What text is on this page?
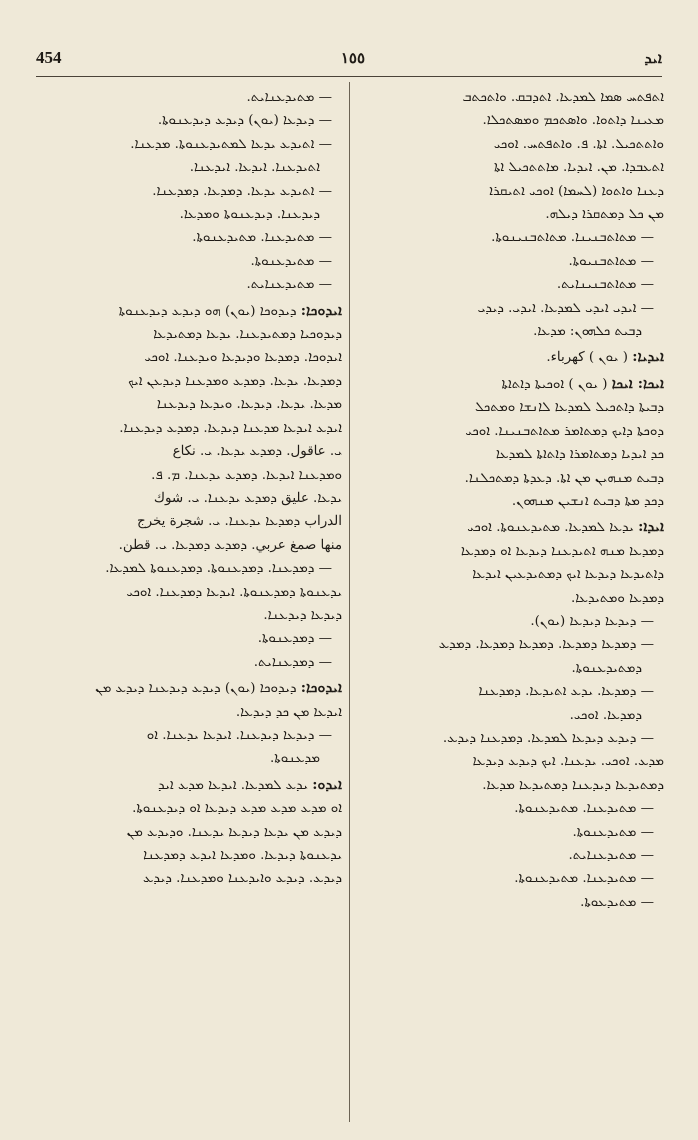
454	١٥٥	ܐܝܕ

ܐܬܦܬܚ ܣܡܐ ܠܡܕܥܐ. ܐܬܕܒܩ. ܘܐܬܟܬܒ

ܡܥܝܢܐ ܕܐܬܘܐ. ܘܐܣܬܟܡ ܘܡܣܬܟܠܐ.

ܘܐܬܬܟܝܠ. ܐܬܐ. ܦ. ܘܐܬܦܬܚ. ܐܘܟܝ

ܐܬܥܒܕܐ. ܡܢ. ܐܝܕܝܐ. ܡܐܬܬܟܝܠ ܐܬܐ

ܕܥܢܐ ܘܐܬܘܐ (ܠܚܡܐ) ܐܘܟܝ ܐܬܝܩܪܐ

ܡܢ ܟܠ ܕܡܬܩܪܐ ܕܝܠܗ.

— ܡܬܐܬܒܢܝܢܐ. ܡܬܐܬܒܢܝܢܘܬܐ.

— ܡܬܐܬܒܢܝܘܬܐ.

— ܡܬܐܬܒܢܝܢܐܝܬ.

— ܐܝܕܝ ܐܝܕܝ ܠܡܕܥܐ. ܐܝܕܝ. ܕܝܕܝ

ܕܒܝܬ ܟܠܗܘܢ: ܡܕܥܐ.

ܐܝܕܝܐ: ( ܝܘܢ ) کهرباء.

ܐܝܟܐ: ܐܝܟܐ ( ܝܘܢ ) ܐܘܟܝܬܐ ܕܐܬܐܬܐ

ܕܒܝܬܐ ܕܐܬܟܝܠ ܠܡܕܥܐ ܠܐܢܫܐ ܘܡܬܟܠ

ܕܘܟܬܐ ܕܐܝܟ ܕܡܬܐܡܪ ܡܬܐܬܒܢܝܢܐ. ܐܘܟܝ

ܟܕ ܐܝܕܝܐ ܕܡܬܐܡܪܐ ܕܐܬܐܬܐ ܠܡܕܥܐ

ܕܒܝܬ ܡܢܗܝܢ ܡܢ ܐܬܐ. ܕܥܕܬܐ ܕܡܬܟܠܢܐ.

ܕܟܕ ܡܬܐ ܕܒܝܬ ܐܢܫܝܢ ܡܢܗܘܢ.

ܐܝܕܐ: ܝܕܥܐ ܠܡܕܥܐ. ܡܬܝܕܥܢܘܬܐ. ܐܘܟܝ

ܕܡܕܥܐ ܡܢܗ ܐܬܝܕܥܢܐ ܕܝܕܥܐ ܐܘ ܕܡܕܥܐ

ܕܐܬܝܕܥܐ ܕܝܕܥܐ ܐܝܟ ܕܡܬܝܕܥܝܢ ܐܝܕܥܐ

ܕܡܕܥܐ ܘܡܬܝܕܥܐ.

— ܕܝܕܥܐ ܕܝܕܥܐ (ܝܘܢ).

— ܕܡܕܥܐ ܕܡܕܥܐ. ܕܡܕܥܐ ܕܡܕܥܐ. ܕܡܕܥ

ܕܡܬܝܕܥܢܘܬܐ.

— ܕܡܕܥܐ. ܝܕܥ ܐܬܝܕܥܐ. ܕܡܕܥܢܐ

ܕܡܕܥܐ. ܐܘܟܝ.

— ܕܝܕܥ ܕܝܕܥܐ ܠܡܕܥܐ. ܕܡܕܥܢܐ ܕܝܕܥ.

ܡܕܥ. ܐܘܟܝ. ܝܕܥܢܐ. ܐܝܟ ܕܝܕܥ ܕܝܕܥܐ

ܕܡܬܝܕܥܐ ܕܝܕܥܢܐ ܕܡܬܝܕܥܐ ܡܕܥܐ.

— ܡܬܝܕܥܢܐ. ܡܬܝܕܥܢܘܬܐ.

— ܡܬܝܕܥܢܘܬܐ.

— ܡܬܝܕܥܢܐܝܬ.

— ܡܬܝܕܥܢܐ. ܡܬܝܕܥܢܘܬܐ.

— ܡܬܝܕܥܘܬܐ.

— ܡܬܝܕܥܢܐܝܬ.

— ܕܝܕܥܐ (ܝܘܢ) ܕܝܕܥ ܕܝܕܥܢܘܬܐ.

— ܐܬܝܕܥ ܝܕܥܐ ܠܡܬܝܕܥܢܘܬܐ. ܡܕܥܢܐ.

ܐܬܝܕܥܢܐ. ܐܝܕܥܐ. ܐܝܕܥܢܐ.

— ܐܬܝܕܥ ܝܕܥܐ. ܕܡܕܥܐ. ܕܡܕܥܢܐ.

ܕܝܕܥܢܐ. ܕܝܕܥܢܘܬܐ ܘܡܕܥܐ.

— ܡܬܝܕܥܢܐ. ܡܬܝܕܥܢܘܬܐ.

— ܡܬܝܕܥܢܘܬܐ.

— ܡܬܝܕܥܢܐܝܬ.

ܐܝܕܘܟܐ: ܕܝܕܘܟܐ (ܝܘܢ) ܗܘ ܕܝܕܥ ܕܝܕܥܢܘܬܐ

ܕܝܕܘܟܝܐ ܕܡܬܝܕܥܢܐ. ܝܕܥܐ ܕܡܬܝܕܥܐ

ܐܝܕܘܟܐ. ܕܡܕܥܐ ܘܕܝܕܥܐ ܘܝܕܥܢܐ. ܐܘܟܝ

ܕܡܕܥܐ. ܝܕܥܐ. ܕܡܕܥ ܘܡܕܥܢܐ ܕܝܕܥܢ ܐܝܟ

ܡܕܥܐ. ܝܕܥܐ. ܕܝܕܥܐ. ܘܝܕܥܐ ܕܝܕܥܢܐ

ܐܝܕܥ ܐܝܕܥܐ ܡܕܥܢܐ ܕܝܕܥܐ. ܕܡܕܥ ܕܝܕܥܢܐ.

ܝ. عاقول. ܕܡܕܥ ܝܕܥܐ. ܝ. نكاع

ܘܡܕܥܢܐ ܐܝܕܥܐ. ܕܡܕܥ ܝܕܥܢܐ. ܡ. ܦ.

ܝܕܥܐ. علیق ܕܡܕܥ ܝܕܥܢܐ. ܝ. شوك

الدراب ܕܡܕܥܐ ܝܕܥܢܐ. ܝ. شجرة يخرج

منها صمغ عربي. ܕܡܕܥ ܕܡܕܥܐ. ܝ. قطن.

— ܕܡܕܥܢܐ. ܕܡܕܥܢܘܬܐ. ܕܡܕܥܢܘܬܐ ܠܡܕܥܐ.

ܝܕܥܢܘܬܐ ܕܡܕܥܢܘܬܐ. ܐܝܕܥܐ ܕܡܕܥܢܐ. ܐܘܟܝ

ܕܝܕܥܐ ܕܝܕܥܢܐ.

— ܕܡܕܥܢܘܬܐ.

— ܕܡܕܥܢܐܝܬ.

ܐܝܕܘܟܐ: ܕܝܕܘܟܐ (ܝܘܢ) ܕܝܕܥ ܕܝܕܥܢܐ ܕܝܕܥ ܡܢ

ܐܝܕܥܐ ܡܢ ܟܕ ܕܝܕܥܐ.

— ܕܝܕܥܐ ܕܝܕܥܢܐ. ܐܝܕܥܐ ܝܕܥܢܐ. ܐܘ

ܡܕܥܢܘܬܐ.

ܐܝܕܘ: ܝܕܥ ܠܡܕܥܐ. ܐܝܕܥܐ ܡܕܥ ܐܝܕ

ܐܘ ܡܕܥ ܡܕܥ ܡܕܥ ܕܝܕܥܐ ܐܘ ܕܝܕܥܢܘܬܐ.

ܕܝܕܥ ܡܢ ܝܕܥܐ ܕܝܕܥܐ ܝܕܥܢܐ. ܘܕܝܕܥ ܡܢ

ܝܕܥܢܘܬܐ ܕܝܕܥܐ. ܘܡܕܥܐ ܐܝܕܥ ܕܡܕܥܢܐ

ܕܝܕܥ. ܕܝܕܥ ܘܐܝܕܥܢܐ ܘܡܕܥܢܐ. ܕܝܕܥ
